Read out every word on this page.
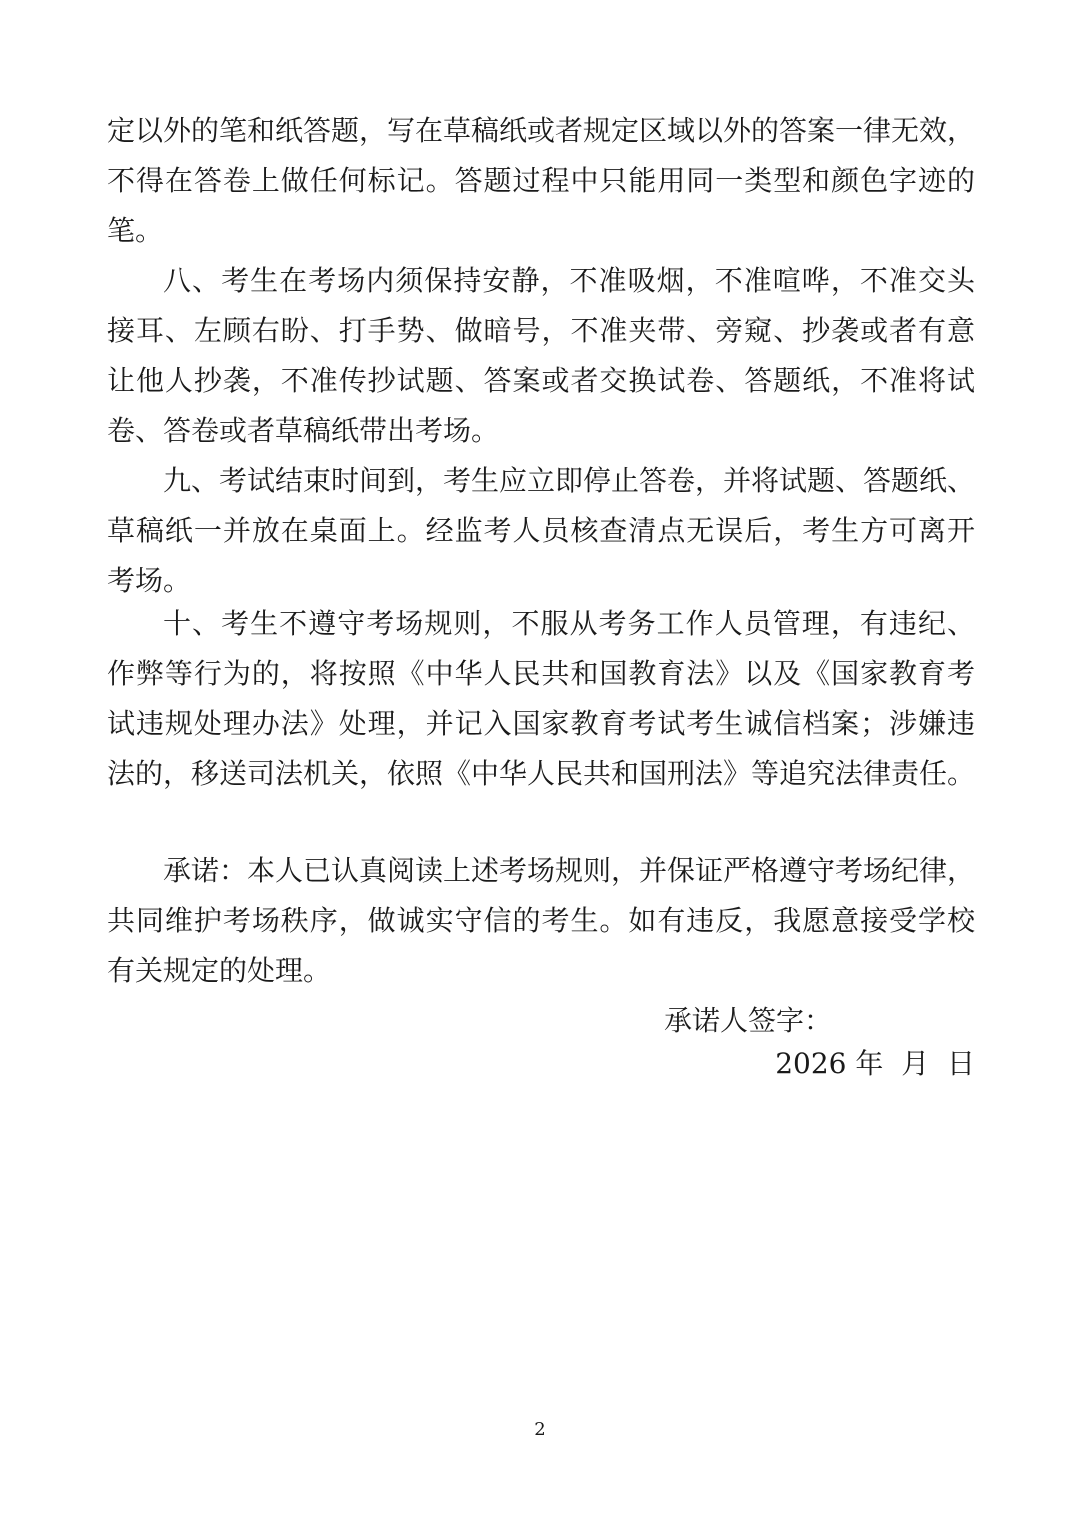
定以外的笔和纸答题，写在草稿纸或者规定区域以外的答案一律无效，
不得在答卷上做任何标记。答题过程中只能用同一类型和颜色字迹的
笔。
八、考生在考场内须保持安静，不准吸烟，不准喧哗，不准交头
接耳、左顾右盼、打手势、做暗号，不准夹带、旁窥、抄袭或者有意
让他人抄袭，不准传抄试题、答案或者交换试卷、答题纸，不准将试
卷、答卷或者草稿纸带出考场。
九、考试结束时间到，考生应立即停止答卷，并将试题、答题纸、
草稿纸一并放在桌面上。经监考人员核查清点无误后，考生方可离开
考场。
十、考生不遵守考场规则，不服从考务工作人员管理，有违纪、
作弊等行为的，将按照《中华人民共和国教育法》以及《国家教育考
试违规处理办法》处理，并记入国家教育考试考生诚信档案；涉嫌违
法的，移送司法机关，依照《中华人民共和国刑法》等追究法律责任。
承诺：本人已认真阅读上述考场规则，并保证严格遵守考场纪律，
共同维护考场秩序，做诚实守信的考生。如有违反，我愿意接受学校
有关规定的处理。
承诺人签字：
2026 年  月  日
2
